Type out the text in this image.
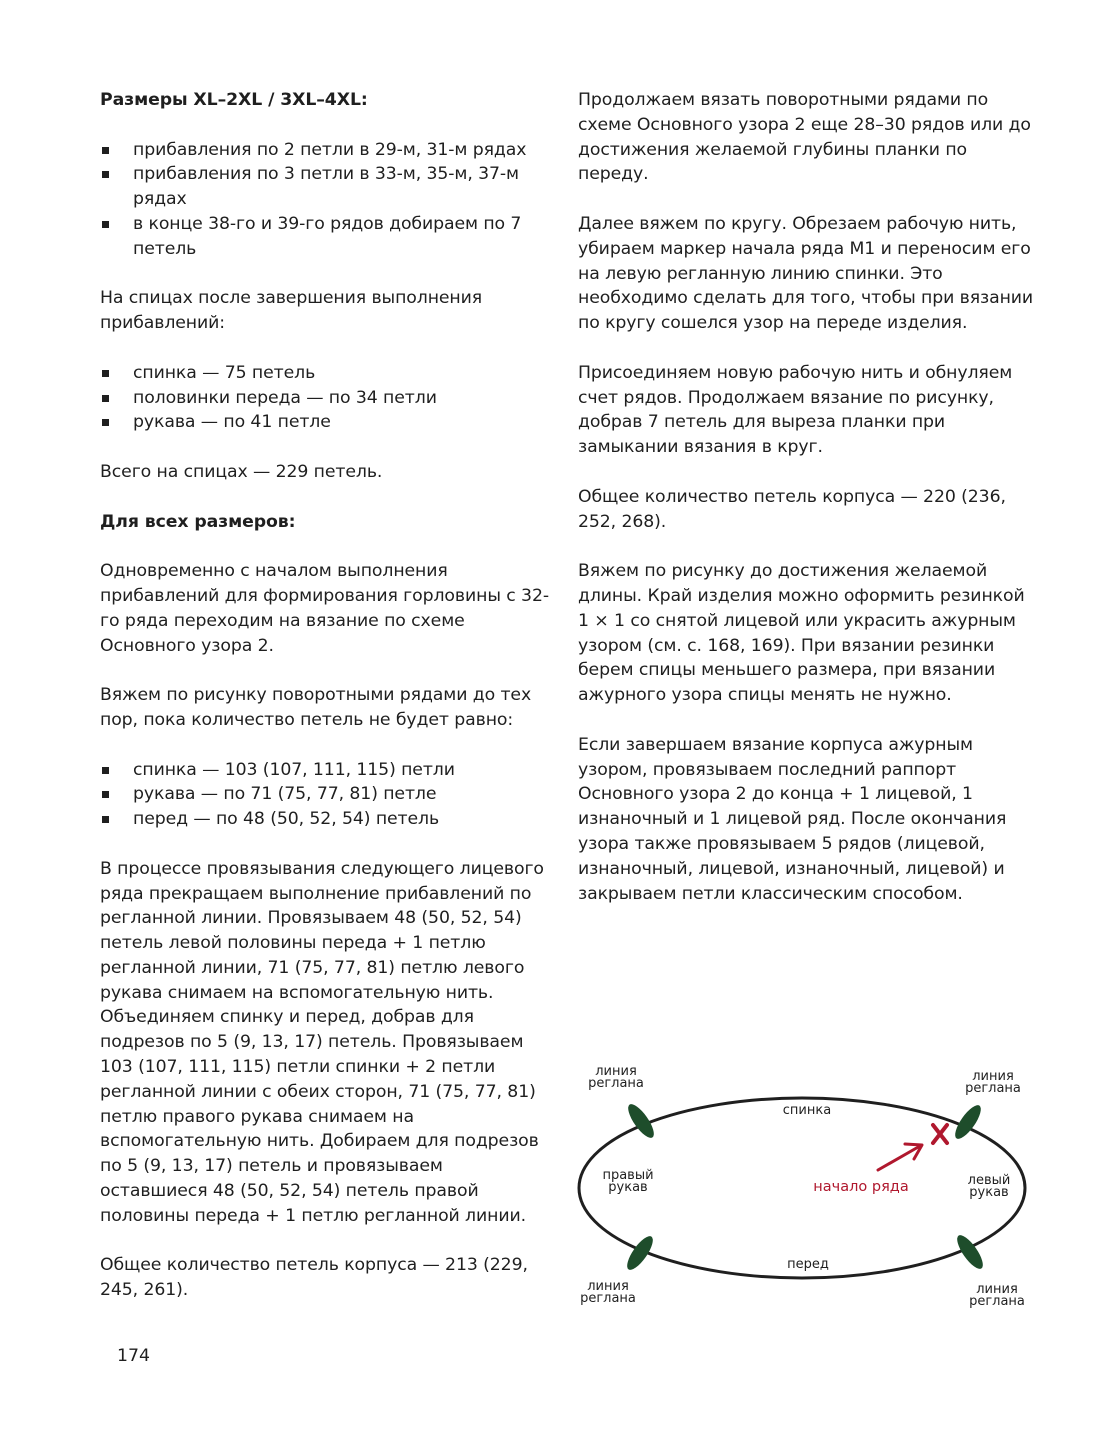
Размеры XL–2XL / 3XL–4XL:
прибавления по 2 петли в 29-м, 31-м рядах
прибавления по 3 петли в 33-м, 35-м, 37-м рядах
в конце 38-го и 39-го рядов добираем по 7 петель

На спицах после завершения выполнения прибавлений:

спинка — 75 петель
половинки переда — по 34 петли
рукава — по 41 петле

Всего на спицах — 229 петель.

Для всех размеров:

Одновременно с началом выполнения прибавлений для формирования горловины с 32-го ряда переходим на вязание по схеме Основного узора 2.

Вяжем по рисунку поворотными рядами до тех пор, пока количество петель не будет равно:

спинка — 103 (107, 111, 115) петли
рукава — по 71 (75, 77, 81) петле
перед — по 48 (50, 52, 54) петель

В процессе провязывания следующего лицевого ряда прекращаем выполнение прибавлений по регланной линии. Провязываем 48 (50, 52, 54) петель левой половины переда + 1 петлю регланной линии, 71 (75, 77, 81) петлю левого рукава снимаем на вспомогательную нить. Объединяем спинку и перед, добрав для подрезов по 5 (9, 13, 17) петель. Провязываем 103 (107, 111, 115) петли спинки + 2 петли регланной линии с обеих сторон, 71 (75, 77, 81) петлю правого рукава снимаем на вспомогательную нить. Добираем для подрезов по 5 (9, 13, 17) петель и провязываем оставшиеся 48 (50, 52, 54) петель правой половины переда + 1 петлю регланной линии.

Общее количество петель корпуса — 213 (229, 245, 261).

Продолжаем вязать поворотными рядами по схеме Основного узора 2 еще 28–30 рядов или до достижения желаемой глубины планки по переду.

Далее вяжем по кругу. Обрезаем рабочую нить, убираем маркер начала ряда M1 и переносим его на левую регланную линию спинки. Это необходимо сделать для того, чтобы при вязании по кругу сошелся узор на переде изделия.

Присоединяем новую рабочую нить и обнуляем счет рядов. Продолжаем вязание по рисунку, добрав 7 петель для выреза планки при замыкании вязания в круг.

Общее количество петель корпуса — 220 (236, 252, 268).

Вяжем по рисунку до достижения желаемой длины. Край изделия можно оформить резинкой 1 × 1 со снятой лицевой или украсить ажурным узором (см. с. 168, 169). При вязании резинки берем спицы меньшего размера, при вязании ажурного узора спицы менять не нужно.

Если завершаем вязание корпуса ажурным узором, провязываем последний раппорт Основного узора 2 до конца + 1 лицевой, 1 изнаночный и 1 лицевой ряд. После окончания узора также провязываем 5 рядов (лицевой, изнаночный, лицевой, изнаночный, лицевой) и закрываем петли классическим способом.

линия
реглана	линия
реглана
линия
реглана
линия
реглана
спинка
перед
правый
рукав	левый
рукав
начало ряда
174
